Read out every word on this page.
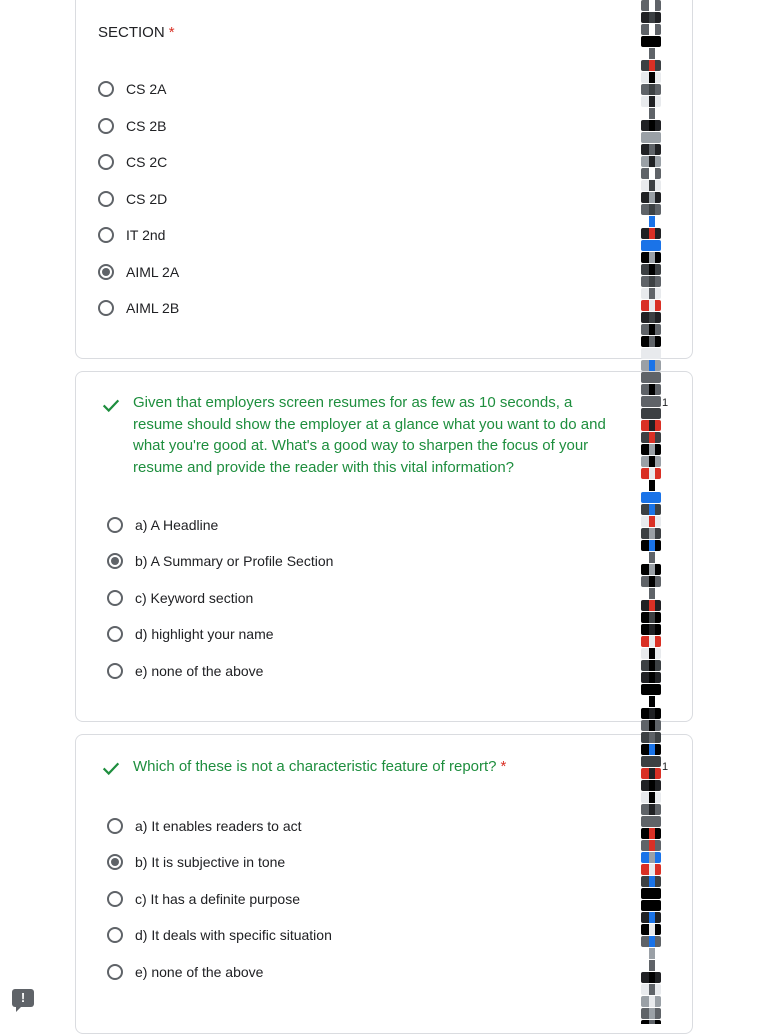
SECTION *
CS 2A
CS 2B
CS 2C
CS 2D
IT 2nd
AIML 2A
AIML 2B
Given that employers screen resumes for as few as 10 seconds, a resume should show the employer at a glance what you want to do and what you're good at. What's a good way to sharpen the focus of your resume and provide the reader with this vital information?
a) A Headline
b) A Summary or Profile Section
c) Keyword section
d) highlight your name
e) none of the above
Which of these is not a characteristic feature of report? *
a) It enables readers to act
b) It is subjective in tone
c) It has a definite purpose
d) It deals with specific situation
e) none of the above
1
1
!
